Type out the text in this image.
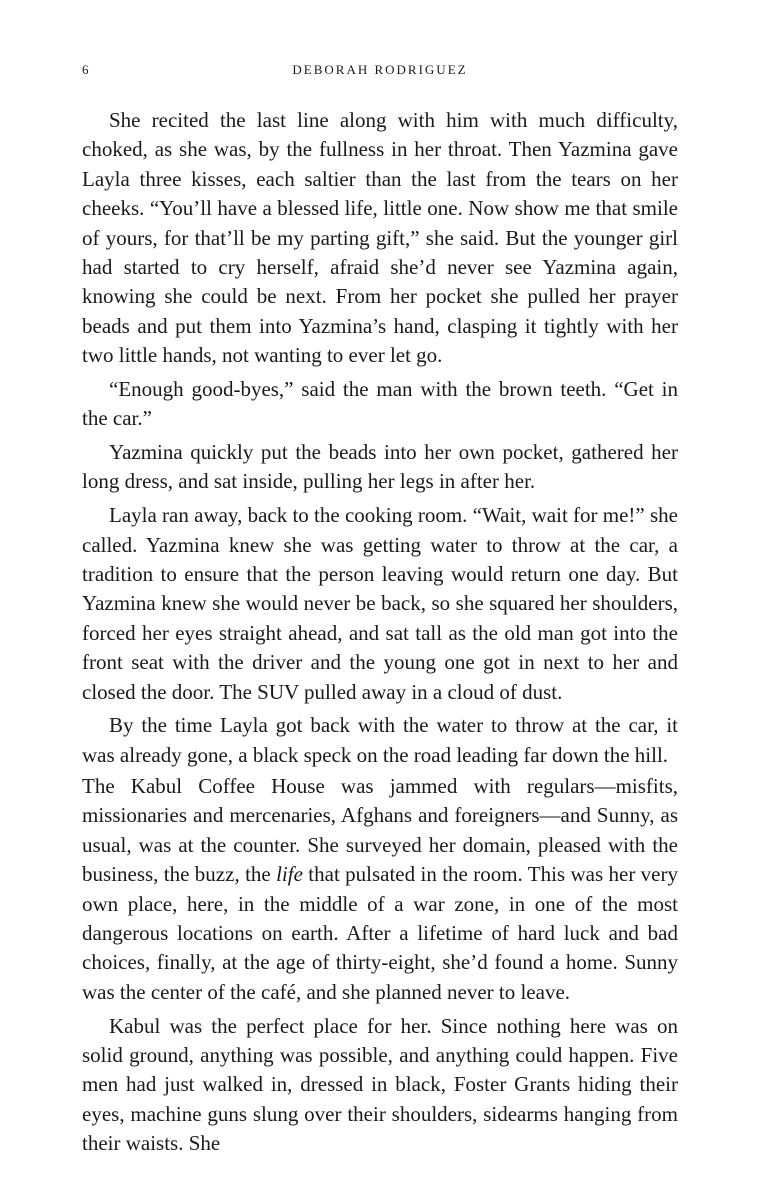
6	DEBORAH RODRIGUEZ

She recited the last line along with him with much difficulty, choked, as she was, by the fullness in her throat. Then Yazmina gave Layla three kisses, each saltier than the last from the tears on her cheeks. “You’ll have a blessed life, little one. Now show me that smile of yours, for that’ll be my parting gift,” she said. But the younger girl had started to cry herself, afraid she’d never see Yazmina again, knowing she could be next. From her pocket she pulled her prayer beads and put them into Yazmina’s hand, clasping it tightly with her two little hands, not wanting to ever let go.

“Enough good-byes,” said the man with the brown teeth. “Get in the car.”

Yazmina quickly put the beads into her own pocket, gathered her long dress, and sat inside, pulling her legs in after her.

Layla ran away, back to the cooking room. “Wait, wait for me!” she called. Yazmina knew she was getting water to throw at the car, a tradition to ensure that the person leaving would return one day. But Yazmina knew she would never be back, so she squared her shoulders, forced her eyes straight ahead, and sat tall as the old man got into the front seat with the driver and the young one got in next to her and closed the door. The SUV pulled away in a cloud of dust.

By the time Layla got back with the water to throw at the car, it was already gone, a black speck on the road leading far down the hill.

The Kabul Coffee House was jammed with regulars—misfits, missionaries and mercenaries, Afghans and foreigners—and Sunny, as usual, was at the counter. She surveyed her domain, pleased with the business, the buzz, the life that pulsated in the room. This was her very own place, here, in the middle of a war zone, in one of the most dangerous locations on earth. After a lifetime of hard luck and bad choices, finally, at the age of thirty-eight, she’d found a home. Sunny was the center of the café, and she planned never to leave.

Kabul was the perfect place for her. Since nothing here was on solid ground, anything was possible, and anything could happen. Five men had just walked in, dressed in black, Foster Grants hiding their eyes, machine guns slung over their shoulders, sidearms hanging from their waists. She
